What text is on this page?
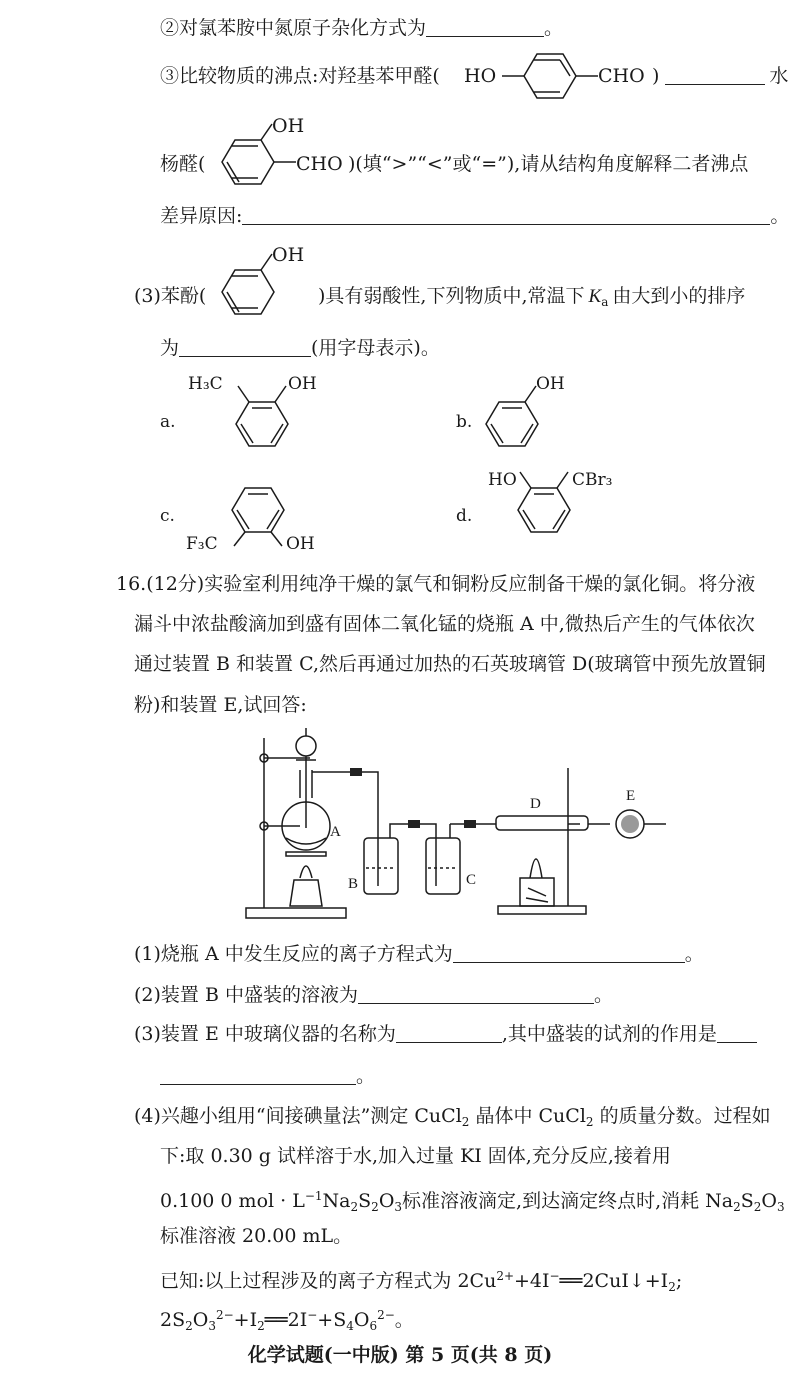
②对氯苯胺中氮原子杂化方式为	。
③比较物质的沸点:对羟基苯甲醛( HO	CHO )	水
OH
杨醛(	CHO )(填“>”“<”或“=”),请从结构角度解释二者沸点
差异原因:	。
OH
(3)苯酚(	)具有弱酸性,下列物质中,常温下 $K_a$ 由大到小的排序
为	(用字母表示)。
a.
H₃C	OH
b.
OH
c.
F₃C	OH
d.
HO	CBr₃
16.(12分)实验室利用纯净干燥的氯气和铜粉反应制备干燥的氯化铜。将分液
漏斗中浓盐酸滴加到盛有固体二氧化锰的烧瓶 A 中,微热后产生的气体依次
通过装置 B 和装置 C,然后再通过加热的石英玻璃管 D(玻璃管中预先放置铜
粉)和装置 E,试回答:
A
B	C
D	E
(1)烧瓶 A 中发生反应的离子方程式为	。
(2)装置 B 中盛装的溶液为	。
(3)装置 E 中玻璃仪器的名称为	,其中盛装的试剂的作用是
。
(4)兴趣小组用“间接碘量法”测定 CuCl$_2$ 晶体中 CuCl$_2$ 的质量分数。过程如
下:取 0.30 g 试样溶于水,加入过量 KI 固体,充分反应,接着用
0.100 0 mol · $L^{-1}Na_2S_2O_3$标准溶液滴定,到达滴定终点时,消耗 $Na_2S_2O_3$
标准溶液 20.00 mL。
已知:以上过程涉及的离子方程式为 $2Cu^{2+}+4I^-══2CuI↓+I_2$;
$2S_2O_3^{2-}+I_2══2I^-+S_4O_6^{2-}$。
化学试题(一中版) 第 5 页(共 8 页)
